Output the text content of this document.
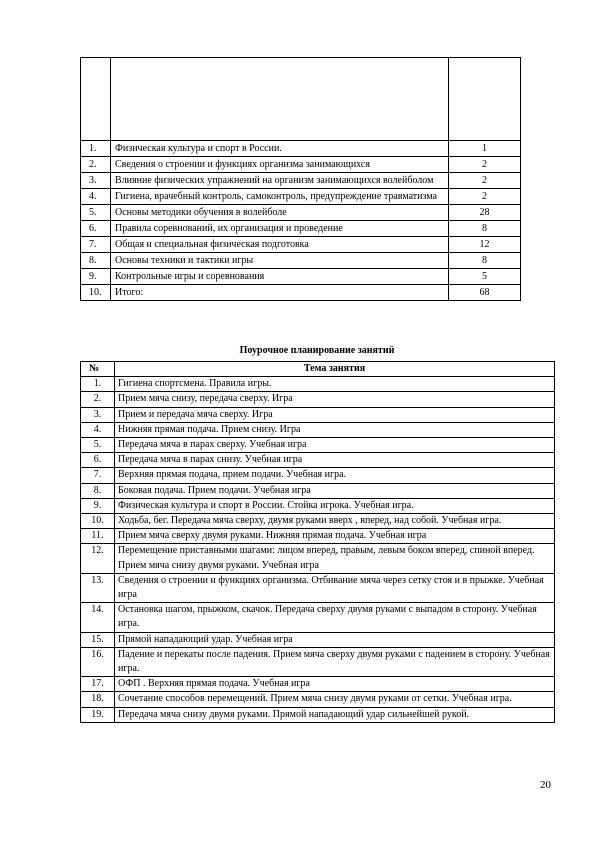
1.	Физическая культура и спорт в России.	1
2.	Сведения о строении и функциях организма занимающихся	2
3.	Влияние физических упражнений на организм занимающихся волейболом	2
4.	Гигиена, врачебный контроль, самоконтроль, предупреждение травматизма	2
5.	Основы методики обучения в волейболе	28
6.	Правила соревнований, их организация и проведение	8
7.	Общая и специальная физическая подготовка	12
8.	Основы техники и тактики игры	8
9.	Контрольные игры и соревнования	5
10.	Итого:	68
Поурочное планирование занятий
№	Тема занятия
1.	Гигиена спортсмена. Правила игры.
2.	Прием мяча снизу, передача сверху. Игра
3.	Прием и передача мяча сверху. Игра
4.	Нижняя прямая подача. Прием снизу. Игра
5.	Передача мяча в парах сверху. Учебная игра
6.	Передача мяча в парах снизу. Учебная игра
7.	Верхняя прямая подача, прием подачи. Учебная игра.
8.	Боковая подача. Прием подачи. Учебная игра
9.	Физическая культура и спорт в России. Стойка игрока. Учебная игра.
10.	Ходьба, бег. Передача мяча сверху, двумя руками вверх , вперед, над собой. Учебная игра.
11.	Прием мяча сверху двумя руками. Нижняя прямая подача. Учебная игра
12.	Перемещение приставными шагами: лицом вперед, правым, левым боком вперед, спиной вперед. Прием мяча снизу двумя руками. Учебная игра
13.	Сведения о строении и функциях организма. Отбивание мяча через сетку стоя и в прыжке. Учебная игра
14.	Остановка шагом, прыжком, скачок. Передача сверху двумя руками с выпадом в сторону. Учебная игра.
15.	Прямой нападающий удар. Учебная игра
16.	Падение и перекаты после падения. Прием мяча сверху двумя руками с падением в сторону. Учебная игра.
17.	ОФП . Верхняя прямая подача. Учебная игра
18.	Сочетание способов перемещений. Прием мяча снизу двумя руками от сетки. Учебная игра.
19.	Передача мяча снизу двумя руками. Прямой нападающий удар сильнейшей рукой.
20
